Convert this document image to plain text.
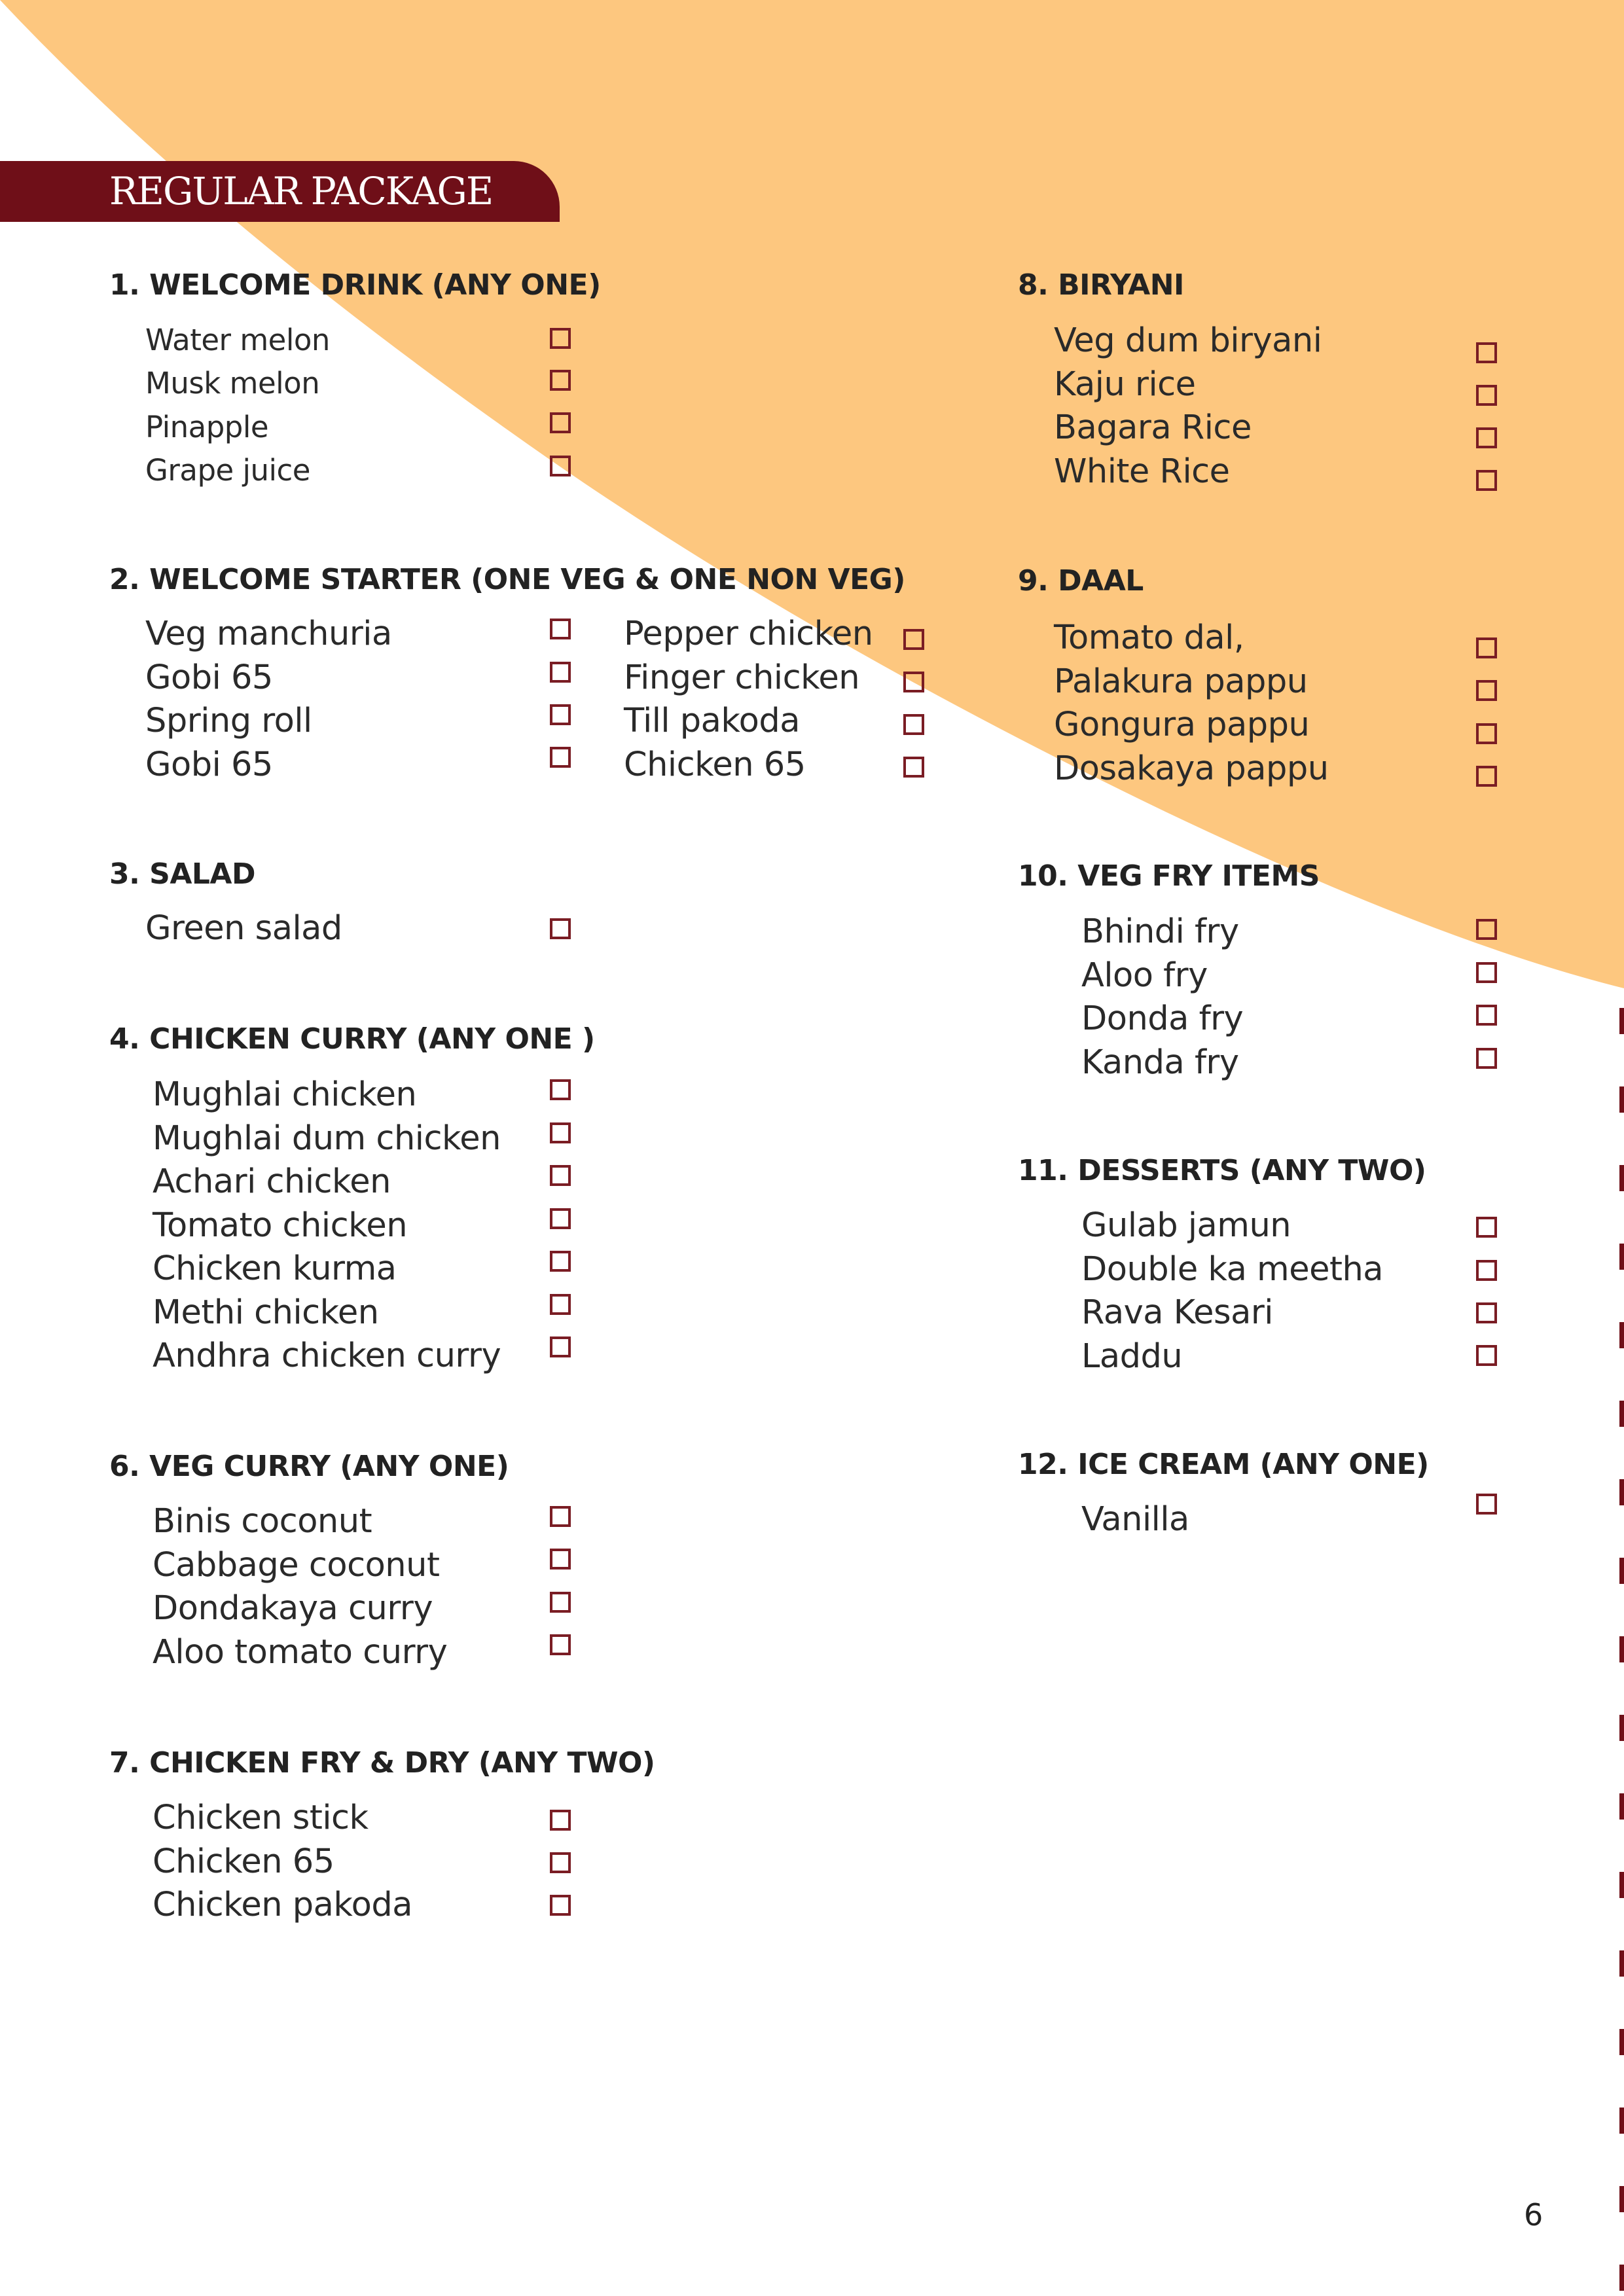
REGULAR PACKAGE
1. WELCOME DRINK (ANY ONE)
Water melon
Musk melon
Pinapple
Grape juice
2. WELCOME STARTER (ONE VEG & ONE NON VEG)
Veg manchuria
Gobi 65
Spring roll
Gobi 65
Pepper chicken
Finger chicken
Till pakoda
Chicken 65
3. SALAD
Green salad
4. CHICKEN CURRY (ANY ONE )
Mughlai chicken
Mughlai dum chicken
Achari chicken
Tomato chicken
Chicken kurma
Methi chicken
Andhra chicken curry
6. VEG CURRY (ANY ONE)
Binis coconut
Cabbage coconut
Dondakaya curry
Aloo tomato curry
7. CHICKEN FRY & DRY (ANY TWO)
Chicken stick
Chicken 65
Chicken pakoda
8. BIRYANI
Veg dum biryani
Kaju rice
Bagara Rice
White Rice
9. DAAL
Tomato dal,
Palakura pappu
Gongura pappu
Dosakaya pappu
10. VEG FRY ITEMS
Bhindi fry
Aloo fry
Donda fry
Kanda fry
11. DESSERTS (ANY TWO)
Gulab jamun
Double ka meetha
Rava Kesari
Laddu
12. ICE CREAM (ANY ONE)
Vanilla
6
